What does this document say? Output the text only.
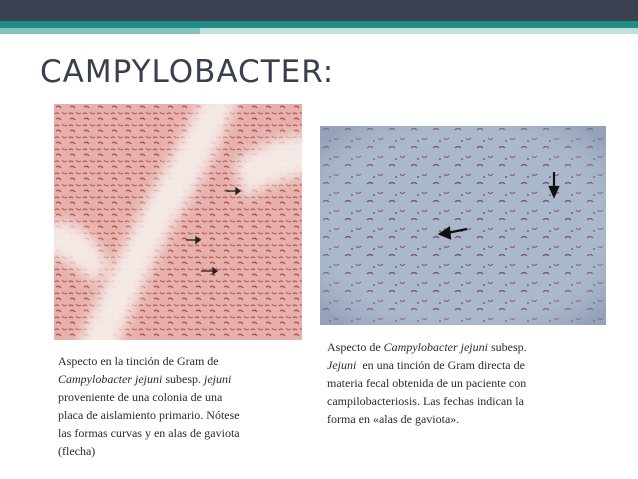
CAMPYLOBACTER:

Aspecto en la tinción de Gram de
Campylobacter jejuni subesp. jejuni
proveniente de una colonia de una
placa de aislamiento primario. Nótese
las formas curvas y en alas de gaviota
(flecha)

Aspecto de Campylobacter jejuni subesp.
Jejuni  en una tinción de Gram directa de
materia fecal obtenida de un paciente con
campilobacteriosis. Las fechas indican la
forma en «alas de gaviota».
